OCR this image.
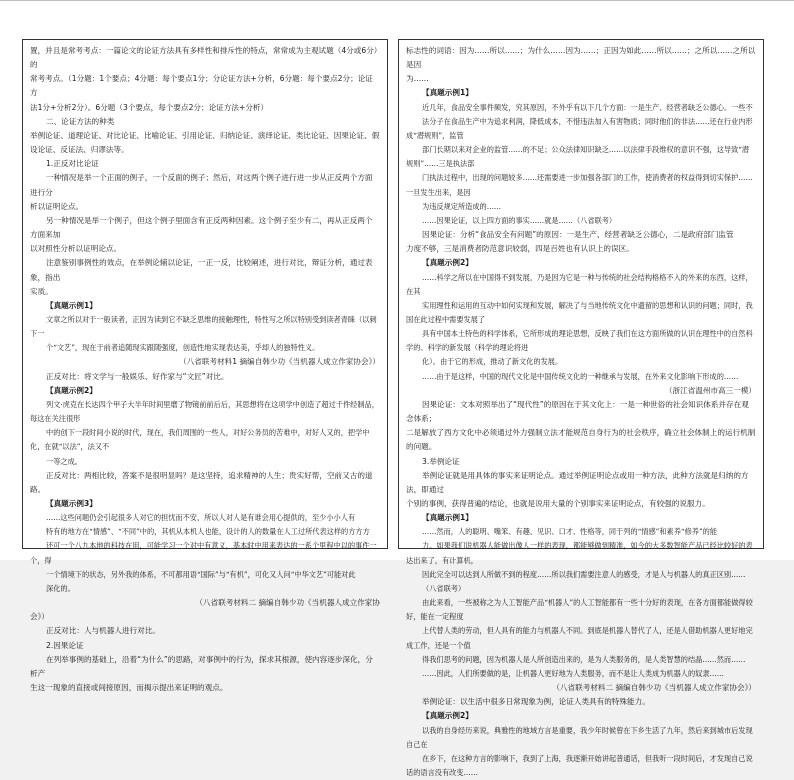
置，并且是常考考点：一篇论文的论证方法具有多样性和排斥性的特点，常常成为主观试题（4分或6分）的
常考考点。（1分题：1个要点；4分题：每个要点1分；分论证方法+分析，6分题：每个要点2分；论证方
法1分+分析2分）。6分题（3个要点，每个要点2分；论证方法+分析）
二、论证方法的种类
举例论证、道理论证、对比论证、比喻论证、引用论证、归纳论证、演绎论证、类比论证、因果论证、假
设论证、反证法、归谬法等。
1.正反对比论证
一种情况是举一个正面的例子，一个反面的例子；然后，对这两个例子进行进一步从正反两个方面进行分
析以证明论点。
另一种情况是举一个例子，但这个例子里面含有正反两种因素。这个例子至少有二，再从正反两个方面来加
以对照性分析以证明论点。
注意鉴别事例性的效点，在举例论辅以论证，一正一反，比较阐述，进行对比，辩证分析，通过表象，指出
实质。
【真题示例1】
文章之所以对于一般读者，正因为读到它不缺乏思维的接触理性，特性写之所以特别受到读者青睐（以刺下一
个“文艺”，现在于前者追随现实跟随强度，创造性地实现表达美，乎却人的独特性义。
（八省联考材料1 摘编自韩少功《当机器人成立作家协会》）
正反对比：将文学与一般娱乐、好作家与“文匠”对比。
【真题示例2】
列文·虎克在长达四个甲子大半年时间里磨了物镜前前后后，其思想将在这项学中创造了超过千件经制品，每这在关注很形
中的创下一段时间小说的时代，现在，我们周围的一些人，对好公务员的苦难中，对好人又的，把学中化，在就“以法”，法又不
一等之成。
正反对比：两相比较，答案不是很明显吗？是这坚持，追求精神的人生；贵实好帮，空前又古的道路。
【真题示例3】
……这些问题仍会引起很多人对它的担忧而不安，所以人对人是有谁会用心提供的，至少小小人有
特有的地方在“情感”、“不同”中的，其机从本机人也能，设计的人的数量在人工过所代表这样的方方方
还可一个八九本地的科技在用，可能学习一个对中有意义，基本时中用来表达的一系个里程中以的事件一个，得
一个情境下的状态，另外我的体系，不可都用语“国际”与“有机”，可化又人问“中华文艺”可能对此
深化的。
（八省联考材料二 摘编自韩少功《当机器人成立作家协
会》）
正反对比：人与机器人进行对比。
2.因果论证
在列举事例的基础上，沿着“为什么”的思路，对事例中的行为，探求其根源，使内容逐步深化，分析产
生这一现象的直接或间接原因，而揭示提出来证明的观点。
标志性的词语：因为……所以……；为什么……因为……；正因为如此……所以……；之所以……之所以是因
为……
【真题示例1】
近几年，食品安全事件频发，究其原因，不外乎有以下几个方面：一是生产、经营者缺乏公德心。一些不
法分子在食品生产中为追求利润，降低成本，不惜违法加入有害物质；同时他们的非法……还在行业内形成“潜规则”，监管
部门长期以来对企业的监管……的不足；公众法律知识缺乏……以法律手段维权的意识不强，这导致“潜规则”……三是执法部
门执法过程中，出现的问题较多……还需要进一步加强各部门的工作，使消费者的权益得到切实保护……一旦发生出来，是因
为违反规定所造成的……
……因果论证，以上四方面的事实……就是……（八省联考）
因果论证：分析“食品安全有问题”的原因：一是生产、经营者缺乏公德心，二是政府部门监管
力度不够，三是消费者防范意识较弱，四是百姓也有认识上的误区。
【真题示例2】
……科学之所以在中国得不到发展，乃是因为它是一种与传统的社会结构格格不入的外来的东西，这样，在其
实用理性和运用的互动中如何实现和发展，解决了与当地传统文化中遗留的思想和认识的问题；同时，我国在此过程中需要发展了
具有中国本土特色的科学体系，它所形成的理论思想，反映了我们在这方面所做的认识在理性中的自然科学的、科学的新发展（科学的理论将进
化）。由于它的形成，推动了新文化的发展。
……由于是这样，中国的现代文化是中国传统文化的一种继承与发展，在外来文化影响下形成的……
（浙江省温州市高三一模）
因果论证：文本对照举出了“现代性”的原因在于其文化上：一是一种世俗的社会知识体系并存在观念体系；
二是解放了西方文化中必须通过外力强制立法才能规范自身行为的社会秩序，确立社会体制上的运行机制的问题。
3.举例论证
举例论证就是用具体的事实来证明论点。通过举例证明论点或用一种方法，此种方法就是归纳的方法，即通过
个别的事例，获得普遍的结论，也就是说用大量的个别事实来证明论点，有较强的说服力。
【真题示例1】
……然而，人的聪明、嘴笨、有趣、见识、口才、性格等，同于列的“情感”和素养“修养”的能
力。如果我们说机器人能做出像人一样的表现，都能够做到精准，如今的大多数智能产品已经比较好的表达出来了，有计算机，
因此完全可以达到人所做不到的程度……所以我们需要注意人的感受，才是人与机器人的真正区别……
（八省联考）
由此来看，一些被称之为人工智能产品“机器人”的人工智能都有一些十分好的表现，在各方面都能做得较好，能在一定程度
上代替人类的劳动，但人具有的能力与机器人不同。到底是机器人替代了人，还是人借助机器人更好地完成工作，还是一个值
得我们思考的问题，因为机器人是人所创造出来的，是为人类服务的，是人类智慧的结晶……然而……
……因此，人们所要做的是，让机器人更好地为人类服务，而不是让人类成为机器人的奴隶……
（八省联考材料二 摘编自韩少功《当机器人成立作家协会》）
举例论证：以生活中很多日常现象为例，论证人类具有的特殊能力。
【真题示例2】
以我的自身经历来说，典雅性的地域方言是重要，我少年时候曾在下乡生活了九年，然后来到城市后发现自己在
在乡下，在这种方言的影响下，我到了上海，我逐渐开始讲起普通话，但我听一段时间后，才发现自己说话的语言没有改变……
